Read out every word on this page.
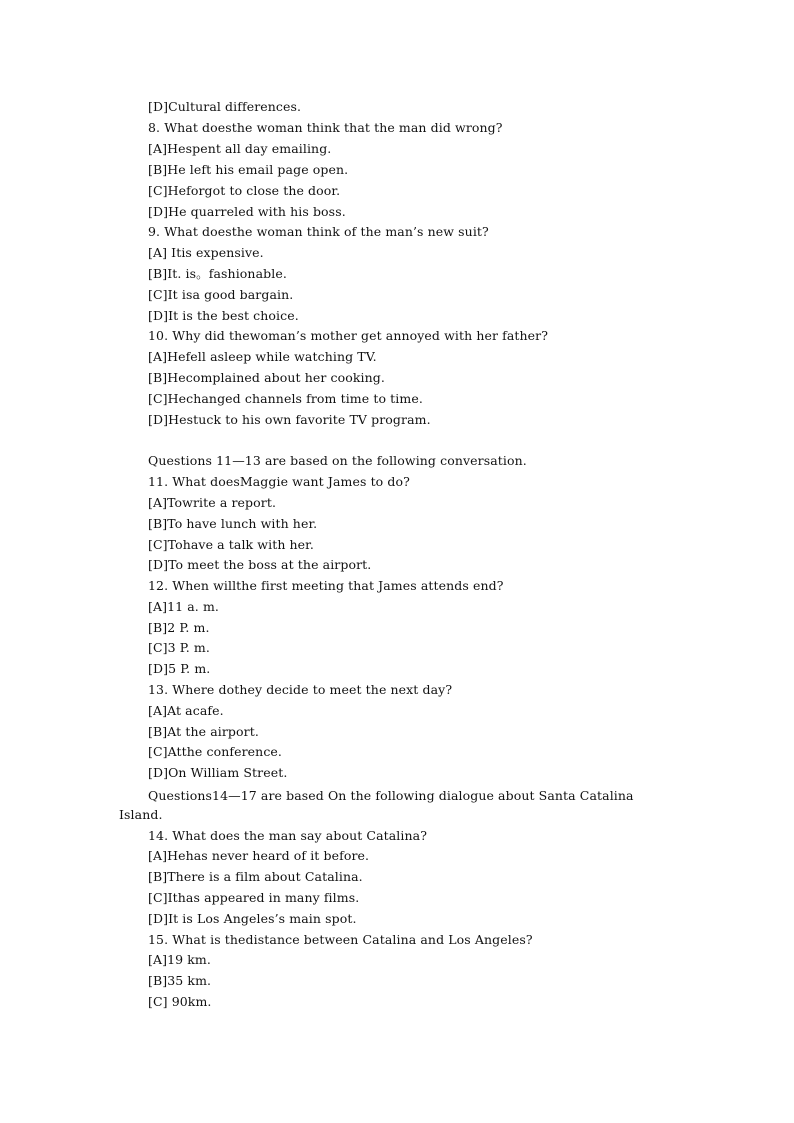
[D]Cultural differences.
8. What doesthe woman think that the man did wrong?
[A]Hespent all day emailing.
[B]He left his email page open.
[C]Heforgot to close the door.
[D]He quarreled with his boss.
9. What doesthe woman think of the man’s new suit?
[A] Itis expensive.
[B]It. is。fashionable.
[C]It isa good bargain.
[D]It is the best choice.
10. Why did thewoman’s mother get annoyed with her father?
[A]Hefell asleep while watching TV.
[B]Hecomplained about her cooking.
[C]Hechanged channels from time to time.
[D]Hestuck to his own favorite TV program.
Questions 11—13 are based on the following conversation.
11. What doesMaggie want James to do?
[A]Towrite a report.
[B]To have lunch with her.
[C]Tohave a talk with her.
[D]To meet the boss at the airport.
12. When willthe first meeting that James attends end?
[A]11 a. m.
[B]2 P. m.
[C]3 P. m.
[D]5 P. m.
13. Where dothey decide to meet the next day?
[A]At acafe.
[B]At the airport.
[C]Atthe conference.
[D]On William Street.
Questions14—17 are based On the following dialogue about Santa Catalina
Island.
14. What does the man say about Catalina?
[A]Hehas never heard of it before.
[B]There is a film about Catalina.
[C]Ithas appeared in many films.
[D]It is Los Angeles’s main spot.
15. What is thedistance between Catalina and Los Angeles?
[A]19 km.
[B]35 km.
[C] 90km.
